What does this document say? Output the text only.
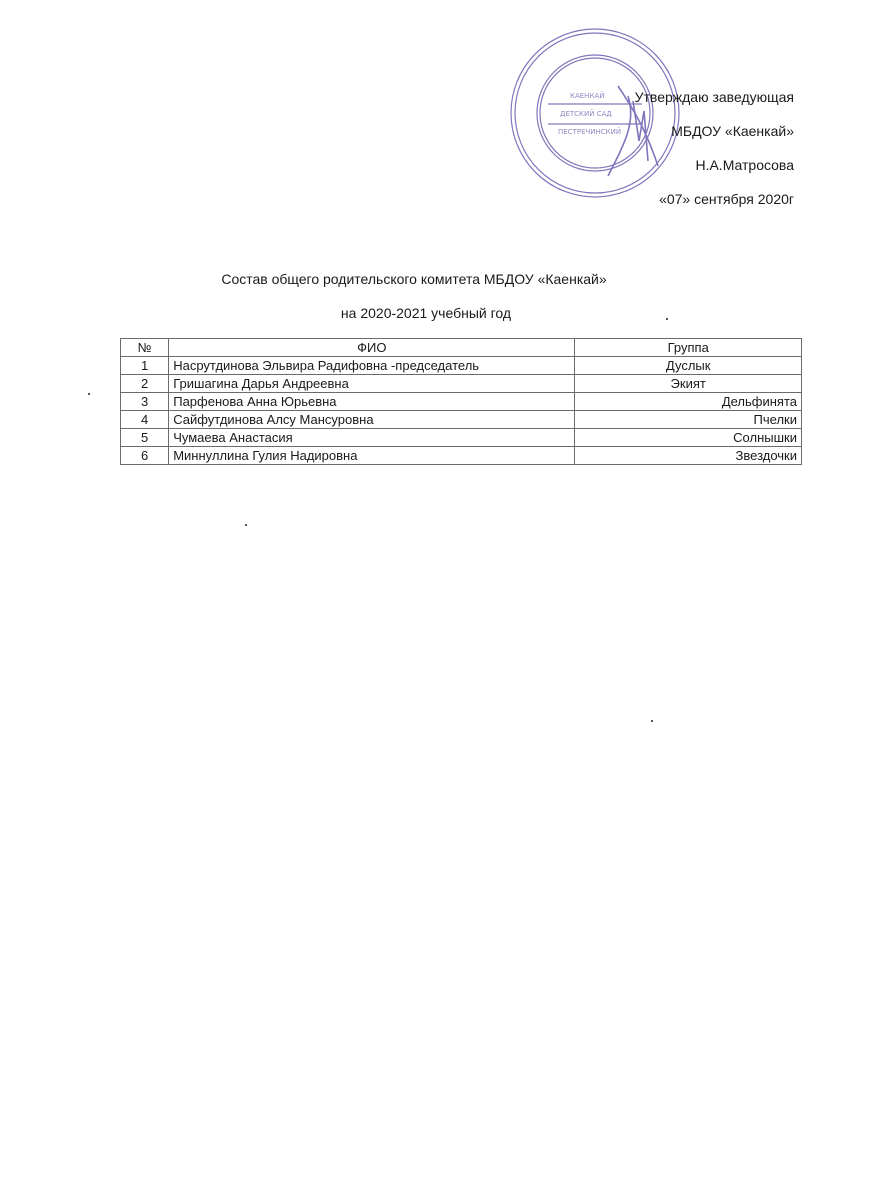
КАЕНКАЙ
ДЕТСКИЙ САД
ПЕСТРЕЧИНСКИЙ
Утверждаю заведующая
МБДОУ «Каенкай»
Н.А.Матросова
«07» сентября 2020г
Состав общего родительского комитета МБДОУ «Каенкай»
на 2020-2021 учебный год
№	ФИО	Группа
1	Насрутдинова Эльвира Радифовна -председатель	Дуслык
2	Гришагина Дарья Андреевна	Экият
3	Парфенова Анна Юрьевна	Дельфинята
4	Сайфутдинова Алсу Мансуровна	Пчелки
5	Чумаева Анастасия	Солнышки
6	Миннуллина Гулия Надировна	Звездочки
